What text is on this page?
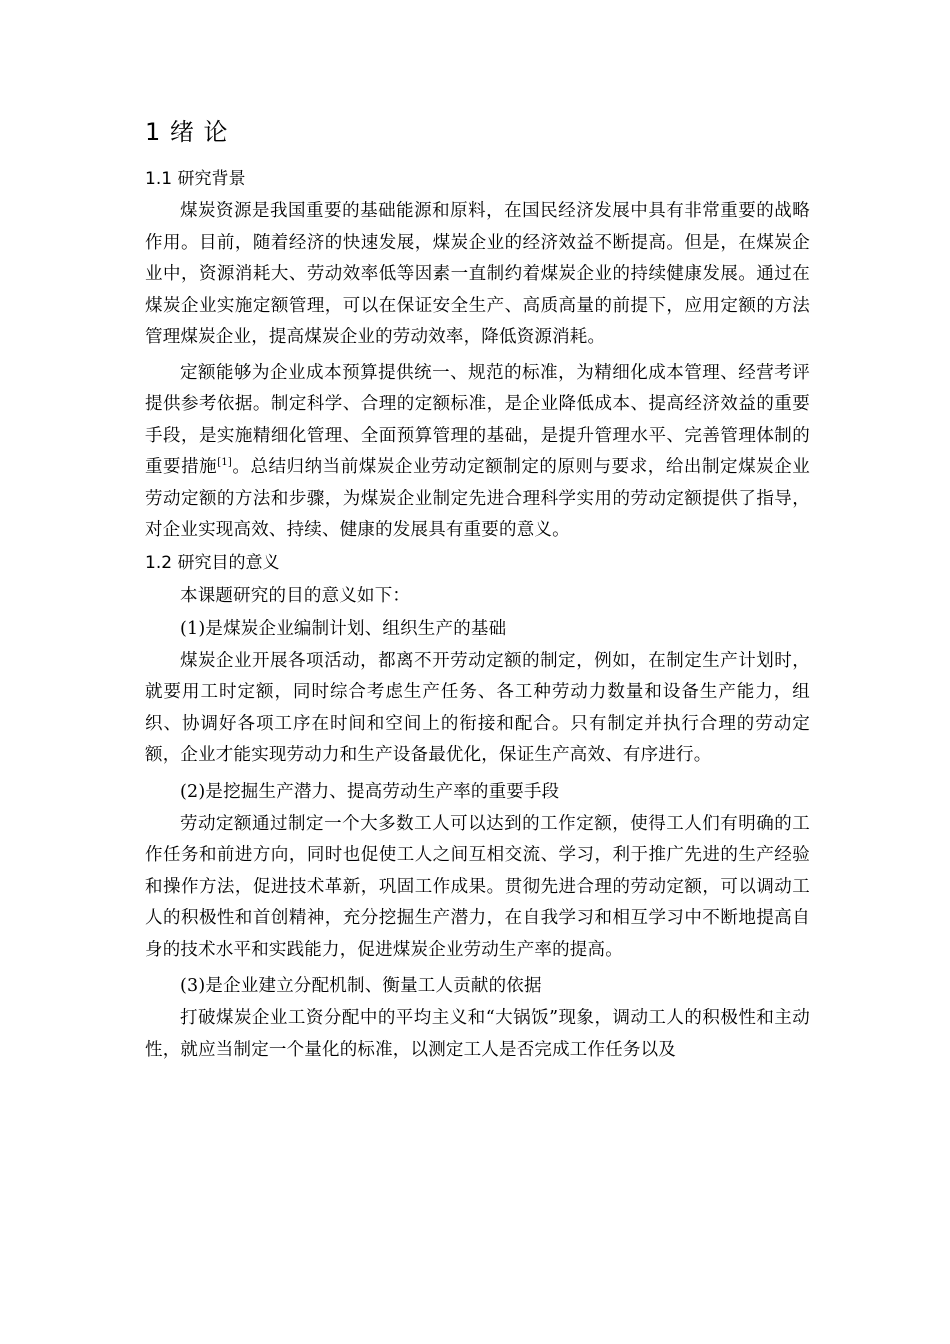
1 绪 论
1.1 研究背景

煤炭资源是我国重要的基础能源和原料，在国民经济发展中具有非常重要的战略作用。目前，随着经济的快速发展，煤炭企业的经济效益不断提高。但是，在煤炭企业中，资源消耗大、劳动效率低等因素一直制约着煤炭企业的持续健康发展。通过在煤炭企业实施定额管理，可以在保证安全生产、高质高量的前提下，应用定额的方法管理煤炭企业，提高煤炭企业的劳动效率，降低资源消耗。

定额能够为企业成本预算提供统一、规范的标准，为精细化成本管理、经营考评提供参考依据。制定科学、合理的定额标准，是企业降低成本、提高经济效益的重要手段，是实施精细化管理、全面预算管理的基础，是提升管理水平、完善管理体制的重要措施[1]。总结归纳当前煤炭企业劳动定额制定的原则与要求，给出制定煤炭企业劳动定额的方法和步骤，为煤炭企业制定先进合理科学实用的劳动定额提供了指导，对企业实现高效、持续、健康的发展具有重要的意义。

1.2 研究目的意义

本课题研究的目的意义如下：

(1)是煤炭企业编制计划、组织生产的基础

煤炭企业开展各项活动，都离不开劳动定额的制定，例如，在制定生产计划时，就要用工时定额，同时综合考虑生产任务、各工种劳动力数量和设备生产能力，组织、协调好各项工序在时间和空间上的衔接和配合。只有制定并执行合理的劳动定额，企业才能实现劳动力和生产设备最优化，保证生产高效、有序进行。

(2)是挖掘生产潜力、提高劳动生产率的重要手段

劳动定额通过制定一个大多数工人可以达到的工作定额，使得工人们有明确的工作任务和前进方向，同时也促使工人之间互相交流、学习，利于推广先进的生产经验和操作方法，促进技术革新，巩固工作成果。贯彻先进合理的劳动定额，可以调动工人的积极性和首创精神，充分挖掘生产潜力，在自我学习和相互学习中不断地提高自身的技术水平和实践能力，促进煤炭企业劳动生产率的提高。

(3)是企业建立分配机制、衡量工人贡献的依据

打破煤炭企业工资分配中的平均主义和“大锅饭”现象，调动工人的积极性和主动性，就应当制定一个量化的标准，以测定工人是否完成工作任务以及
